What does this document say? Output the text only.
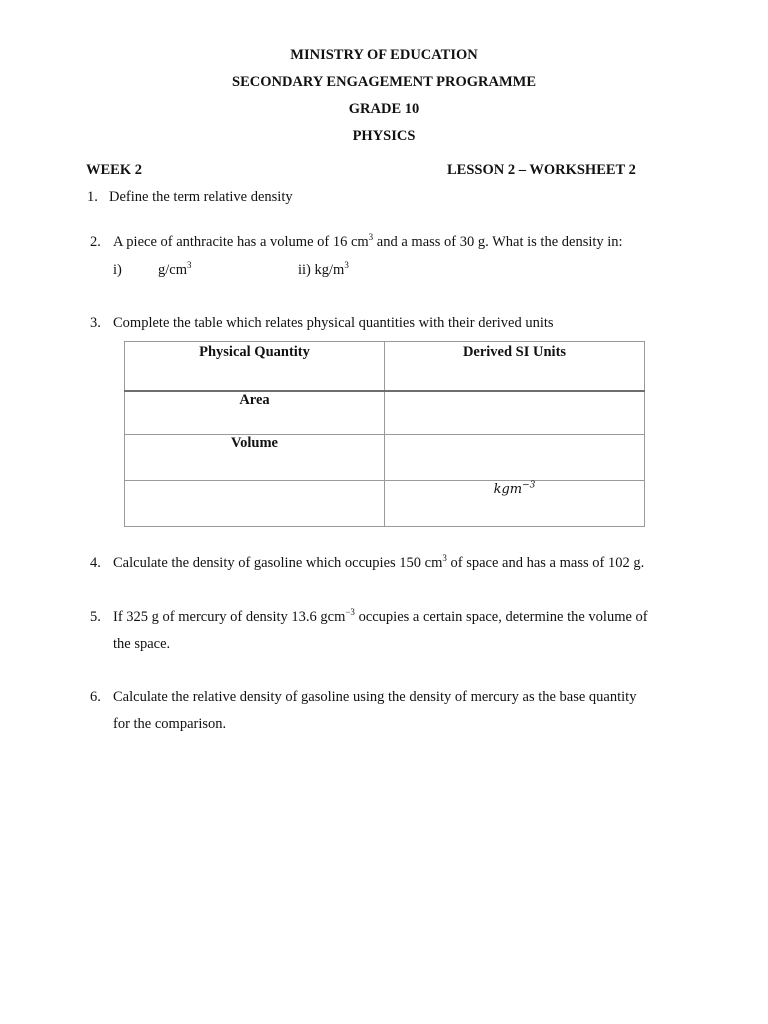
MINISTRY OF EDUCATION
SECONDARY ENGAGEMENT PROGRAMME
GRADE 10
PHYSICS
WEEK 2	LESSON 2 – WORKSHEET 2
1. Define the term relative density
2. A piece of anthracite has a volume of 16 $cm^3$ and a mass of 30 g. What is the density in:
i) $g/cm^3$	ii) $kg/m^3$
3. Complete the table which relates physical quantities with their derived units
Physical Quantity	Derived SI Units
Area	
Volume	
	kgm$^{-3}$
4. Calculate the density of gasoline which occupies 150 $cm^3$ of space and has a mass of 102 g.
5. If 325 g of mercury of density 13.6 gcm$^{-3}$ occupies a certain space, determine the volume of
the space.
6. Calculate the relative density of gasoline using the density of mercury as the base quantity
for the comparison.
